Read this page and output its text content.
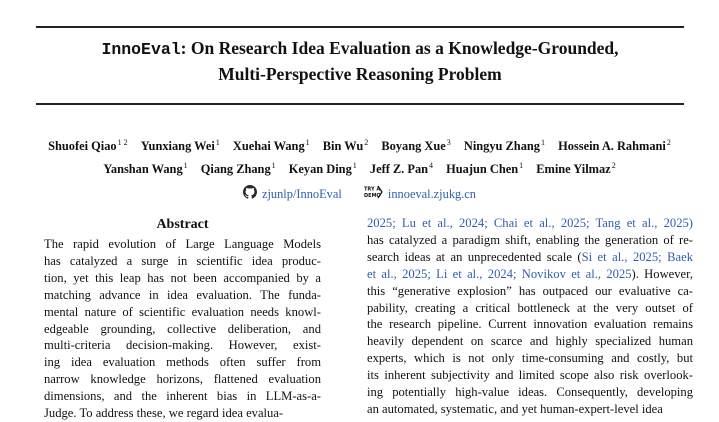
InnoEval: On Research Idea Evaluation as a Knowledge-Grounded,
Multi-Perspective Reasoning Problem
Shuofei Qiao$^{1 2}$ Yunxiang Wei$^1$ Xuehai Wang$^1$ Bin Wu$^2$ Boyang Xue$^3$ Ningyu Zhang$^1$ Hossein A. Rahmani$^2$
Yanshan Wang$^1$ Qiang Zhang$^1$ Keyan Ding$^1$ Jeff Z. Pan$^4$ Huajun Chen$^1$ Emine Yilmaz$^2$
zjunlp/InnoEval
	TRY A
DEMO innoeval.zjukg.cn
Abstract
The rapid evolution of Large Language Models
has catalyzed a surge in scientific idea produc-
tion, yet this leap has not been accompanied by a
matching advance in idea evaluation. The funda-
mental nature of scientific evaluation needs knowl-
edgeable grounding, collective deliberation, and
multi-criteria decision-making. However, exist-
ing idea evaluation methods often suffer from
narrow knowledge horizons, flattened evaluation
dimensions, and the inherent bias in LLM-as-a-
Judge. To address these, we regard idea evalua-
2025; Lu et al., 2024; Chai et al., 2025; Tang et al., 2025)
has catalyzed a paradigm shift, enabling the generation of re-
search ideas at an unprecedented scale (Si et al., 2025; Baek
et al., 2025; Li et al., 2024; Novikov et al., 2025). However,
this “generative explosion” has outpaced our evaluative ca-
pability, creating a critical bottleneck at the very outset of
the research pipeline. Current innovation evaluation remains
heavily dependent on scarce and highly specialized human
experts, which is not only time-consuming and costly, but
its inherent subjectivity and limited scope also risk overlook-
ing potentially high-value ideas. Consequently, developing
an automated, systematic, and yet human-expert-level idea
